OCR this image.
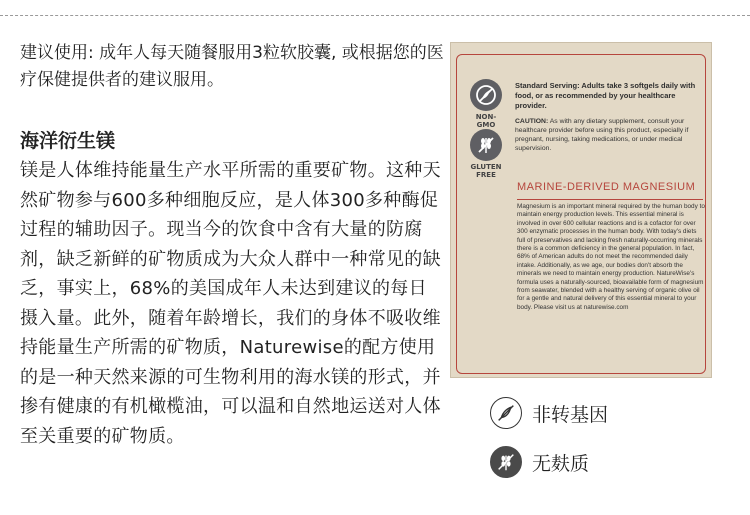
建议使用: 成年人每天随餐服用3粒软胶囊, 或根据您的医疗保健提供者的建议服用。

海洋衍生镁

镁是人体维持能量生产水平所需的重要矿物。这种天然矿物参与600多种细胞反应，是人体300多种酶促过程的辅助因子。现当今的饮食中含有大量的防腐剂，缺乏新鲜的矿物质成为大众人群中一种常见的缺乏，事实上，68%的美国成年人未达到建议的每日摄入量。此外，随着年龄增长，我们的身体不吸收维持能量生产所需的矿物质，Naturewise的配方使用的是一种天然来源的可生物利用的海水镁的形式，并掺有健康的有机橄榄油，可以温和自然地运送对人体至关重要的矿物质。

NON-GMO
GLUTEN FREE

Standard Serving: Adults take 3 softgels daily with food, or as recommended by your healthcare provider.

CAUTION: As with any dietary supplement, consult your healthcare provider before using this product, especially if pregnant, nursing, taking medications, or under medical supervision.

MARINE-DERIVED MAGNESIUM

Magnesium is an important mineral required by the human body to maintain energy production levels. This essential mineral is involved in over 600 cellular reactions and is a cofactor for over 300 enzymatic processes in the human body. With today's diets full of preservatives and lacking fresh naturally-occurring minerals there is a common deficiency in the general population. In fact, 68% of American adults do not meet the recommended daily intake. Additionally, as we age, our bodies don't absorb the minerals we need to maintain energy production. NatureWise's formula uses a naturally-sourced, bioavailable form of magnesium from seawater, blended with a healthy serving of organic olive oil for a gentle and natural delivery of this essential mineral to your body. Please visit us at naturewise.com

非转基因
无麸质
